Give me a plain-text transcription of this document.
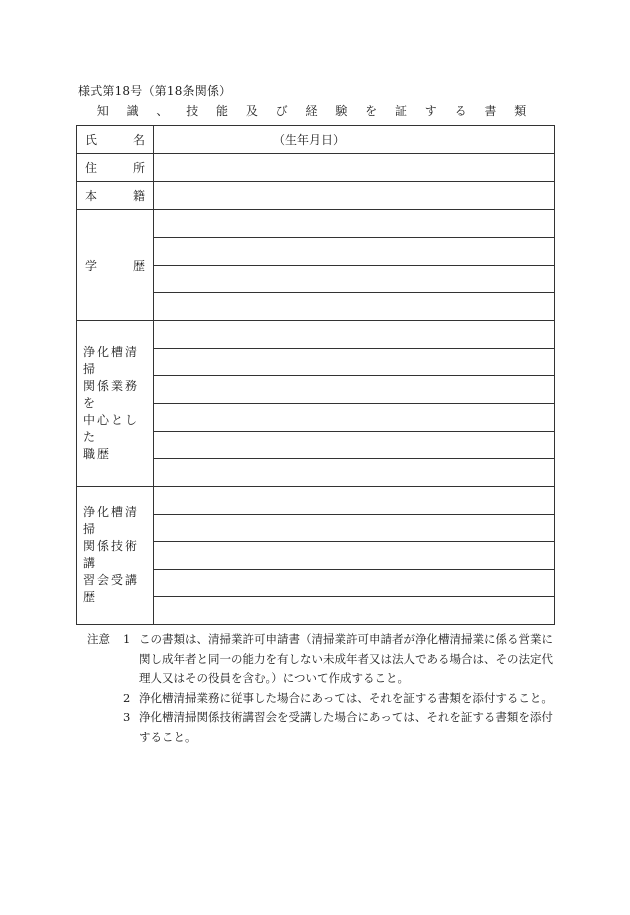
様式第18号（第18条関係）
知 識 、 技 能 及 び 経 験 を 証 す る 書 類
氏 名	（生年月日）

住 所	

本 籍	

学 歴	

浄化槽清掃
関係業務を
中心とした
職歴	

浄化槽清掃
関係技術講
習会受講歴	

注意 1 この書類は、清掃業許可申請書（清掃業許可申請者が浄化槽清掃業に係る営業に関し成年者と同一の能力を有しない未成年者又は法人である場合は、その法定代理人又はその役員を含む。）について作成すること。
2 浄化槽清掃業務に従事した場合にあっては、それを証する書類を添付すること。
3 浄化槽清掃関係技術講習会を受講した場合にあっては、それを証する書類を添付すること。
